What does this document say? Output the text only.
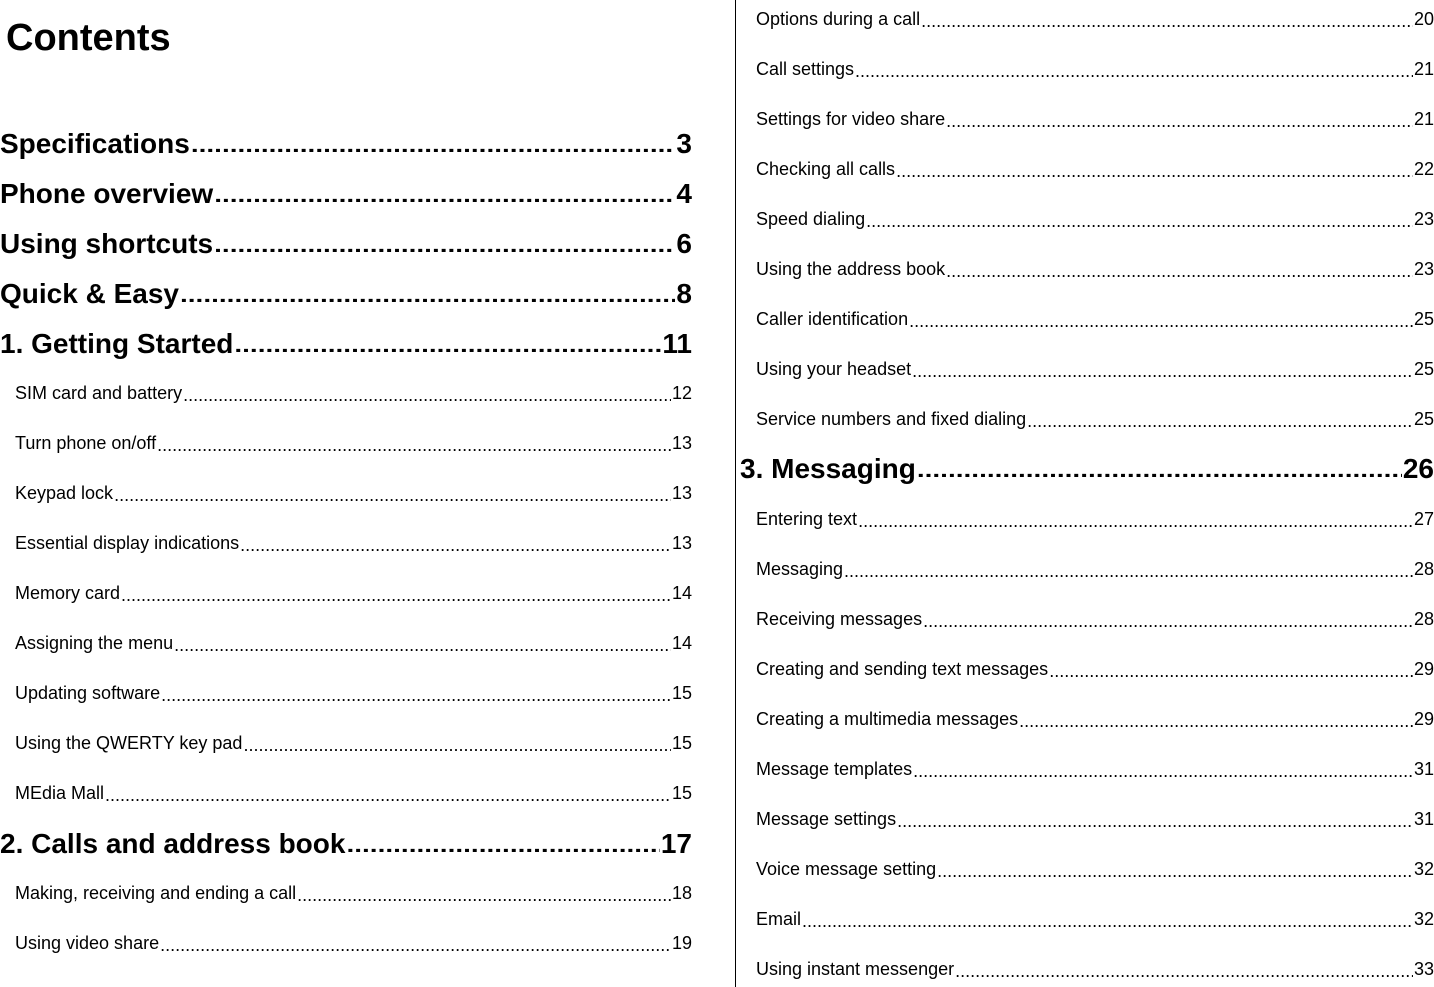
Contents
Specifications .....	3
Phone overview .....	4
Using shortcuts .....	6
Quick & Easy .....	8
1. Getting Started .....	11
SIM card and battery .....	12
Turn phone on/off .....	13
Keypad lock .....	13
Essential display indications .....	13
Memory card .....	14
Assigning the menu .....	14
Updating software .....	15
Using the QWERTY key pad .....	15
MEdia Mall .....	15
2. Calls and address book .....	17
Making, receiving and ending a call .....	18
Using video share .....	19
Options during a call .....	20
Call settings .....	21
Settings for video share .....	21
Checking all calls .....	22
Speed dialing .....	23
Using the address book .....	23
Caller identification .....	25
Using your headset .....	25
Service numbers and fixed dialing .....	25
3. Messaging .....	26
Entering text .....	27
Messaging .....	28
Receiving messages .....	28
Creating and sending text messages .....	29
Creating a multimedia messages .....	29
Message templates .....	31
Message settings .....	31
Voice message setting .....	32
Email .....	32
Using instant messenger .....	33
